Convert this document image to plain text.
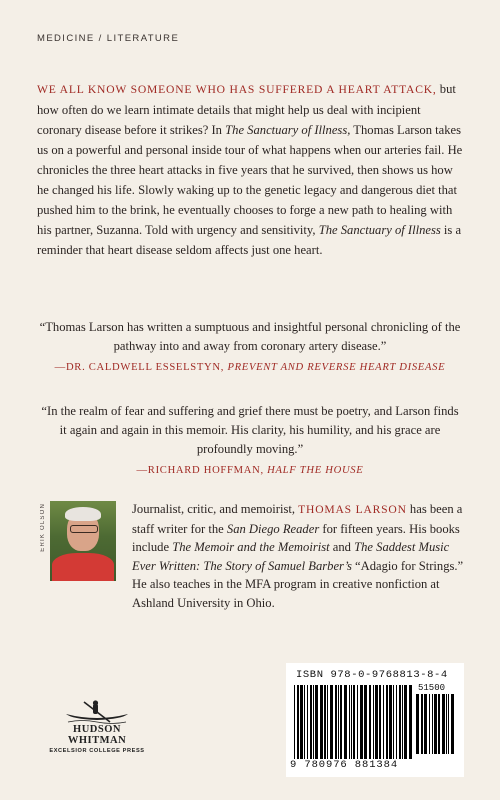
MEDICINE / LITERATURE

WE ALL KNOW SOMEONE WHO HAS SUFFERED A HEART ATTACK, but how often do we learn intimate details that might help us deal with incipient coronary disease before it strikes? In The Sanctuary of Illness, Thomas Larson takes us on a powerful and personal inside tour of what happens when our arteries fail. He chronicles the three heart attacks in five years that he survived, then shows us how he changed his life. Slowly waking up to the genetic legacy and dangerous diet that pushed him to the brink, he eventually chooses to forge a new path to healing with his partner, Suzanna. Told with urgency and sensitivity, The Sanctuary of Illness is a reminder that heart disease seldom affects just one heart.

“Thomas Larson has written a sumptuous and insightful personal chronicling of the pathway into and away from coronary artery disease.”
—DR. CALDWELL ESSELSTYN, PREVENT AND REVERSE HEART DISEASE

“In the realm of fear and suffering and grief there must be poetry, and Larson finds it again and again in this memoir. His clarity, his humility, and his grace are profoundly moving.”
—RICHARD HOFFMAN, HALF THE HOUSE

ERIK OLSON	Journalist, critic, and memoirist, THOMAS LARSON has been a staff writer for the San Diego Reader for fifteen years. His books include The Memoir and the Memoirist and The Saddest Music Ever Written: The Story of Samuel Barber’s “Adagio for Strings.” He also teaches in the MFA program in creative nonfiction at Ashland University in Ohio.

HUDSON
WHITMAN
EXCELSIOR COLLEGE PRESS
ISBN 978-0-9768813-8-4
51500
9 780976 881384
